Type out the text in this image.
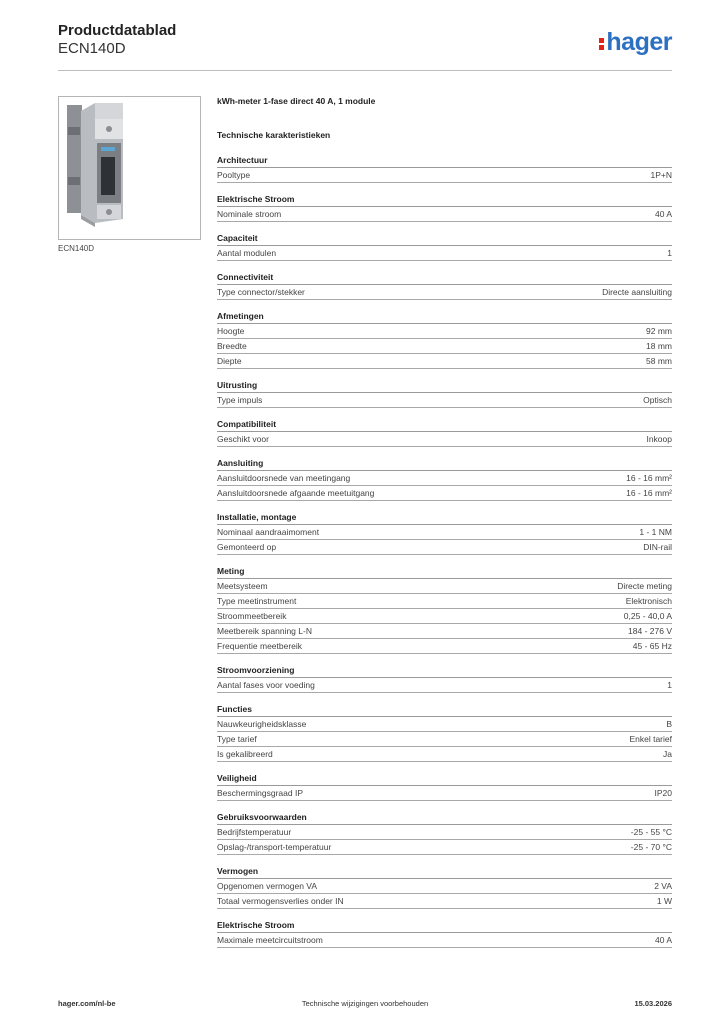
Productdatablad
ECN140D	hager
ECN140D
kWh-meter 1-fase direct 40 A, 1 module
Technische karakteristieken
Architectuur
Pooltype	1P+N
Elektrische Stroom
Nominale stroom	40 A
Capaciteit
Aantal modulen	1
Connectiviteit
Type connector/stekker	Directe aansluiting
Afmetingen
Hoogte	92 mm
Breedte	18 mm
Diepte	58 mm
Uitrusting
Type impuls	Optisch
Compatibiliteit
Geschikt voor	Inkoop
Aansluiting
Aansluitdoorsnede van meetingang	16 - 16 mm²
Aansluitdoorsnede afgaande meetuitgang	16 - 16 mm²
Installatie, montage
Nominaal aandraaimoment	1 - 1 NM
Gemonteerd op	DIN-rail
Meting
Meetsysteem	Directe meting
Type meetinstrument	Elektronisch
Stroommeetbereik	0,25 - 40,0 A
Meetbereik spanning L-N	184 - 276 V
Frequentie meetbereik	45 - 65 Hz
Stroomvoorziening
Aantal fases voor voeding	1
Functies
Nauwkeurigheidsklasse	B
Type tarief	Enkel tarief
Is gekalibreerd	Ja
Veiligheid
Beschermingsgraad IP	IP20
Gebruiksvoorwaarden
Bedrijfstemperatuur	-25 - 55 °C
Opslag-/transport-temperatuur	-25 - 70 °C
Vermogen
Opgenomen vermogen VA	2 VA
Totaal vermogensverlies onder IN	1 W
Elektrische Stroom
Maximale meetcircuitstroom	40 A
Technische wijzigingen voorbehouden
hager.com/nl-be	15.03.2026
